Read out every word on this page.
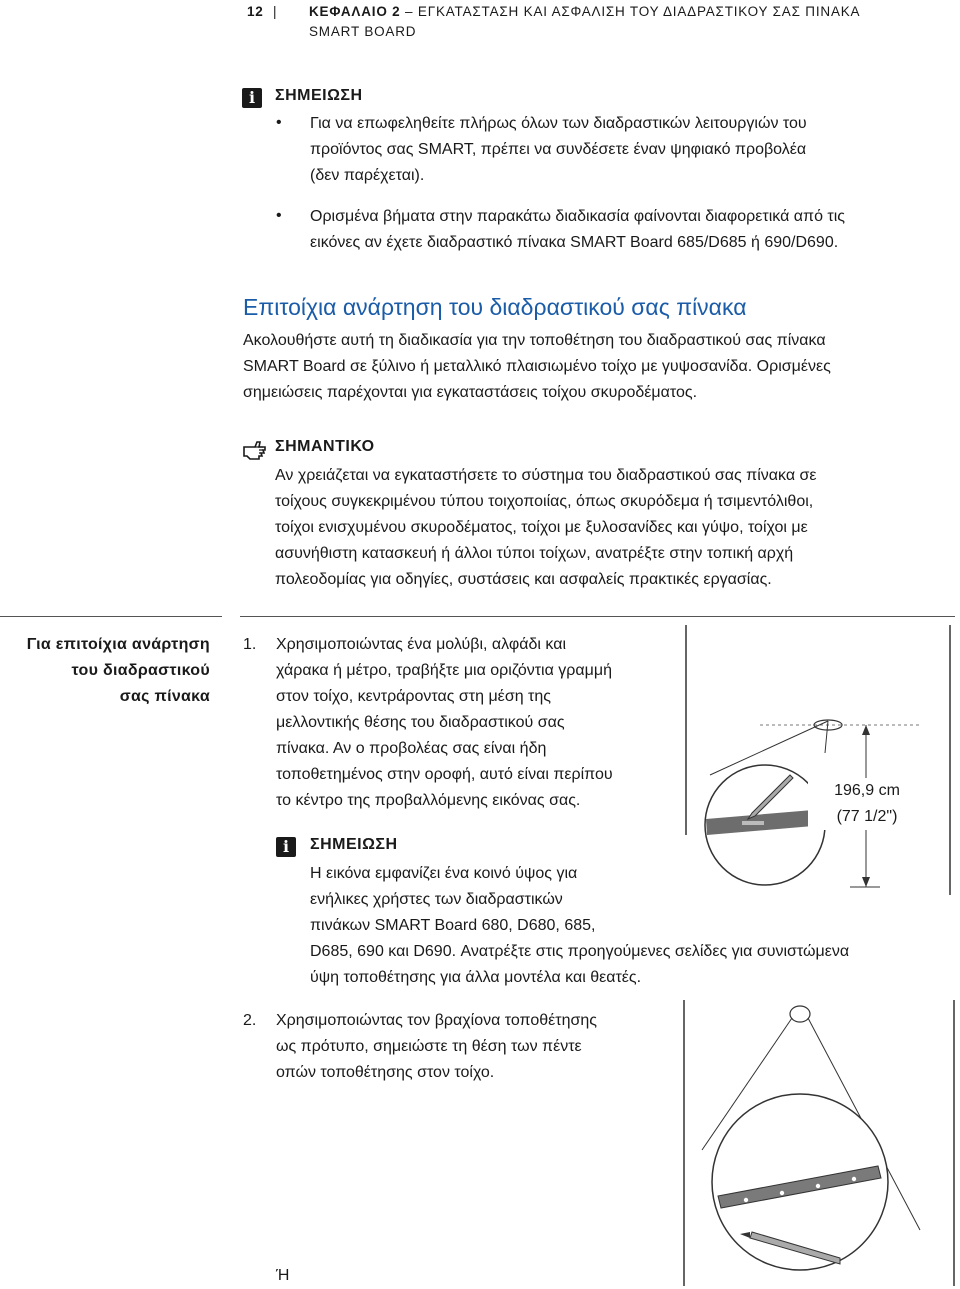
12 | ΚΕΦΑΛΑΙΟ 2 – ΕΓΚΑΤΑΣΤΑΣΗ ΚΑΙ ΑΣΦΑΛΙΣΗ ΤΟΥ ΔΙΑΔΡΑΣΤΙΚΟΥ ΣΑΣ ΠΙΝΑΚΑ
SMART BOARD
i	ΣΗΜΕΙΩΣΗ
• Για να επωφεληθείτε πλήρως όλων των διαδραστικών λειτουργιών του
προϊόντος σας SMART, πρέπει να συνδέσετε έναν ψηφιακό προβολέα
(δεν παρέχεται).
• Ορισμένα βήματα στην παρακάτω διαδικασία φαίνονται διαφορετικά από τις
εικόνες αν έχετε διαδραστικό πίνακα SMART Board 685/D685 ή 690/D690.
Επιτοίχια ανάρτηση του διαδραστικού σας πίνακα
Ακολουθήστε αυτή τη διαδικασία για την τοποθέτηση του διαδραστικού σας πίνακα
SMART Board σε ξύλινο ή μεταλλικό πλαισιωμένο τοίχο με γυψοσανίδα. Ορισμένες
σημειώσεις παρέχονται για εγκαταστάσεις τοίχου σκυροδέματος.
ΣΗΜΑΝΤΙΚΟ
Αν χρειάζεται να εγκαταστήσετε το σύστημα του διαδραστικού σας πίνακα σε
τοίχους συγκεκριμένου τύπου τοιχοποιίας, όπως σκυρόδεμα ή τσιμεντόλιθοι,
τοίχοι ενισχυμένου σκυροδέματος, τοίχοι με ξυλοσανίδες και γύψο, τοίχοι με
ασυνήθιστη κατασκευή ή άλλοι τύποι τοίχων, ανατρέξτε στην τοπική αρχή
πολεοδομίας για οδηγίες, συστάσεις και ασφαλείς πρακτικές εργασίας.
Για επιτοίχια ανάρτηση
του διαδραστικού
σας πίνακα
1. Χρησιμοποιώντας ένα μολύβι, αλφάδι και
χάρακα ή μέτρο, τραβήξτε μια οριζόντια γραμμή
στον τοίχο, κεντράροντας στη μέση της
μελλοντικής θέσης του διαδραστικού σας
πίνακα. Αν ο προβολέας σας είναι ήδη
τοποθετημένος στην οροφή, αυτό είναι περίπου
το κέντρο της προβαλλόμενης εικόνας σας.
196,9 cm
(77 1/2")
i	ΣΗΜΕΙΩΣΗ
Η εικόνα εμφανίζει ένα κοινό ύψος για
ενήλικες χρήστες των διαδραστικών
πινάκων SMART Board 680, D680, 685,
D685, 690 και D690. Ανατρέξτε στις προηγούμενες σελίδες για συνιστώμενα
ύψη τοποθέτησης για άλλα μοντέλα και θεατές.
2. Χρησιμοποιώντας τον βραχίονα τοποθέτησης
ως πρότυπο, σημειώστε τη θέση των πέντε
οπών τοποθέτησης στον τοίχο.
Ή
